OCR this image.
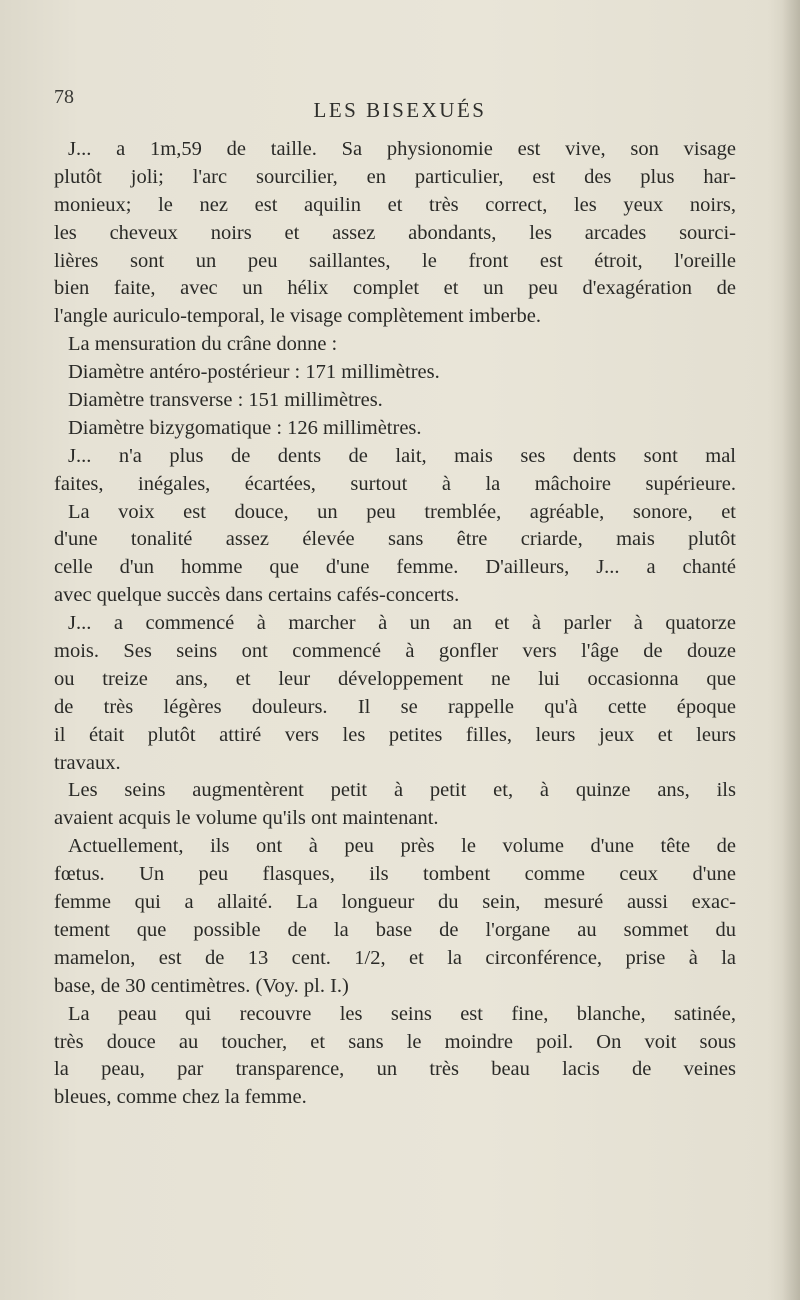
78
LES BISEXUÉS
J... a 1m,59 de taille. Sa physionomie est vive, son visage
plutôt joli; l'arc sourcilier, en particulier, est des plus har-
monieux; le nez est aquilin et très correct, les yeux noirs,
les cheveux noirs et assez abondants, les arcades sourci-
lières sont un peu saillantes, le front est étroit, l'oreille
bien faite, avec un hélix complet et un peu d'exagération de
l'angle auriculo-temporal, le visage complètement imberbe.
La mensuration du crâne donne :
Diamètre antéro-postérieur : 171 millimètres.
Diamètre transverse : 151 millimètres.
Diamètre bizygomatique : 126 millimètres.
J... n'a plus de dents de lait, mais ses dents sont mal
faites, inégales, écartées, surtout à la mâchoire supérieure.
La voix est douce, un peu tremblée, agréable, sonore, et
d'une tonalité assez élevée sans être criarde, mais plutôt
celle d'un homme que d'une femme. D'ailleurs, J... a chanté
avec quelque succès dans certains cafés-concerts.
J... a commencé à marcher à un an et à parler à quatorze
mois. Ses seins ont commencé à gonfler vers l'âge de douze
ou treize ans, et leur développement ne lui occasionna que
de très légères douleurs. Il se rappelle qu'à cette époque
il était plutôt attiré vers les petites filles, leurs jeux et leurs
travaux.
Les seins augmentèrent petit à petit et, à quinze ans, ils
avaient acquis le volume qu'ils ont maintenant.
Actuellement, ils ont à peu près le volume d'une tête de
fœtus. Un peu flasques, ils tombent comme ceux d'une
femme qui a allaité. La longueur du sein, mesuré aussi exac-
tement que possible de la base de l'organe au sommet du
mamelon, est de 13 cent. 1/2, et la circonférence, prise à la
base, de 30 centimètres. (Voy. pl. I.)
La peau qui recouvre les seins est fine, blanche, satinée,
très douce au toucher, et sans le moindre poil. On voit sous
la peau, par transparence, un très beau lacis de veines
bleues, comme chez la femme.
